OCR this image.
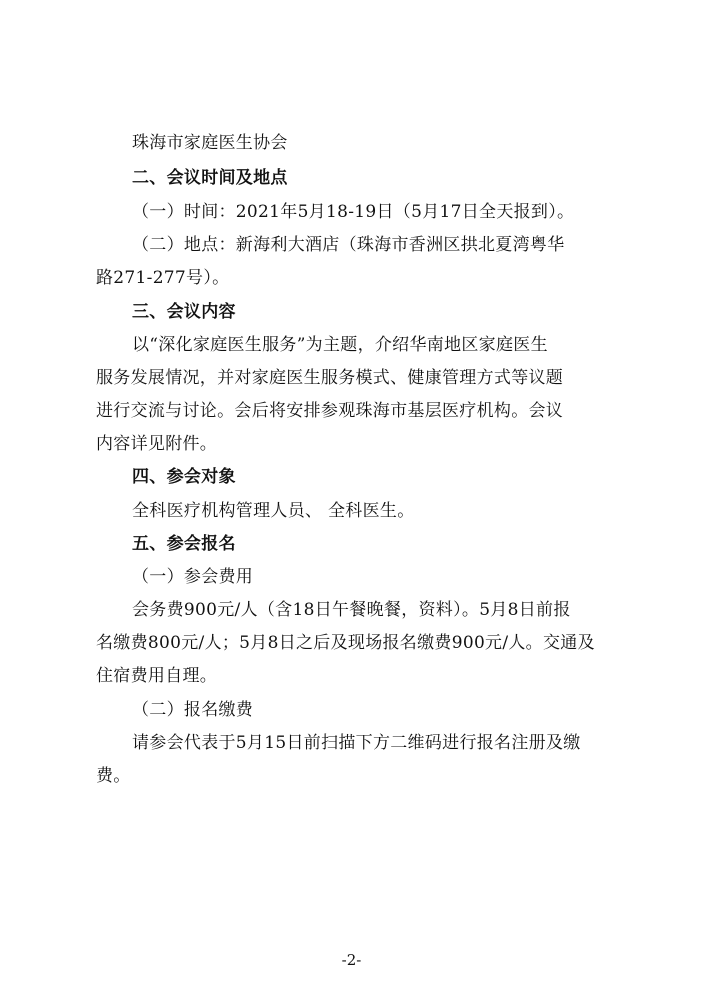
珠海市家庭医生协会
二、会议时间及地点
（一）时间：2021年5月18-19日（5月17日全天报到）。
（二）地点：新海利大酒店（珠海市香洲区拱北夏湾粤华
路271-277号）。
三、会议内容
以“深化家庭医生服务”为主题，介绍华南地区家庭医生
服务发展情况，并对家庭医生服务模式、健康管理方式等议题
进行交流与讨论。会后将安排参观珠海市基层医疗机构。会议
内容详见附件。
四、参会对象
全科医疗机构管理人员、 全科医生。
五、参会报名
（一）参会费用
会务费900元/人（含18日午餐晚餐，资料）。5月8日前报
名缴费800元/人；5月8日之后及现场报名缴费900元/人。交通及
住宿费用自理。
（二）报名缴费
请参会代表于5月15日前扫描下方二维码进行报名注册及缴
费。
-2-
